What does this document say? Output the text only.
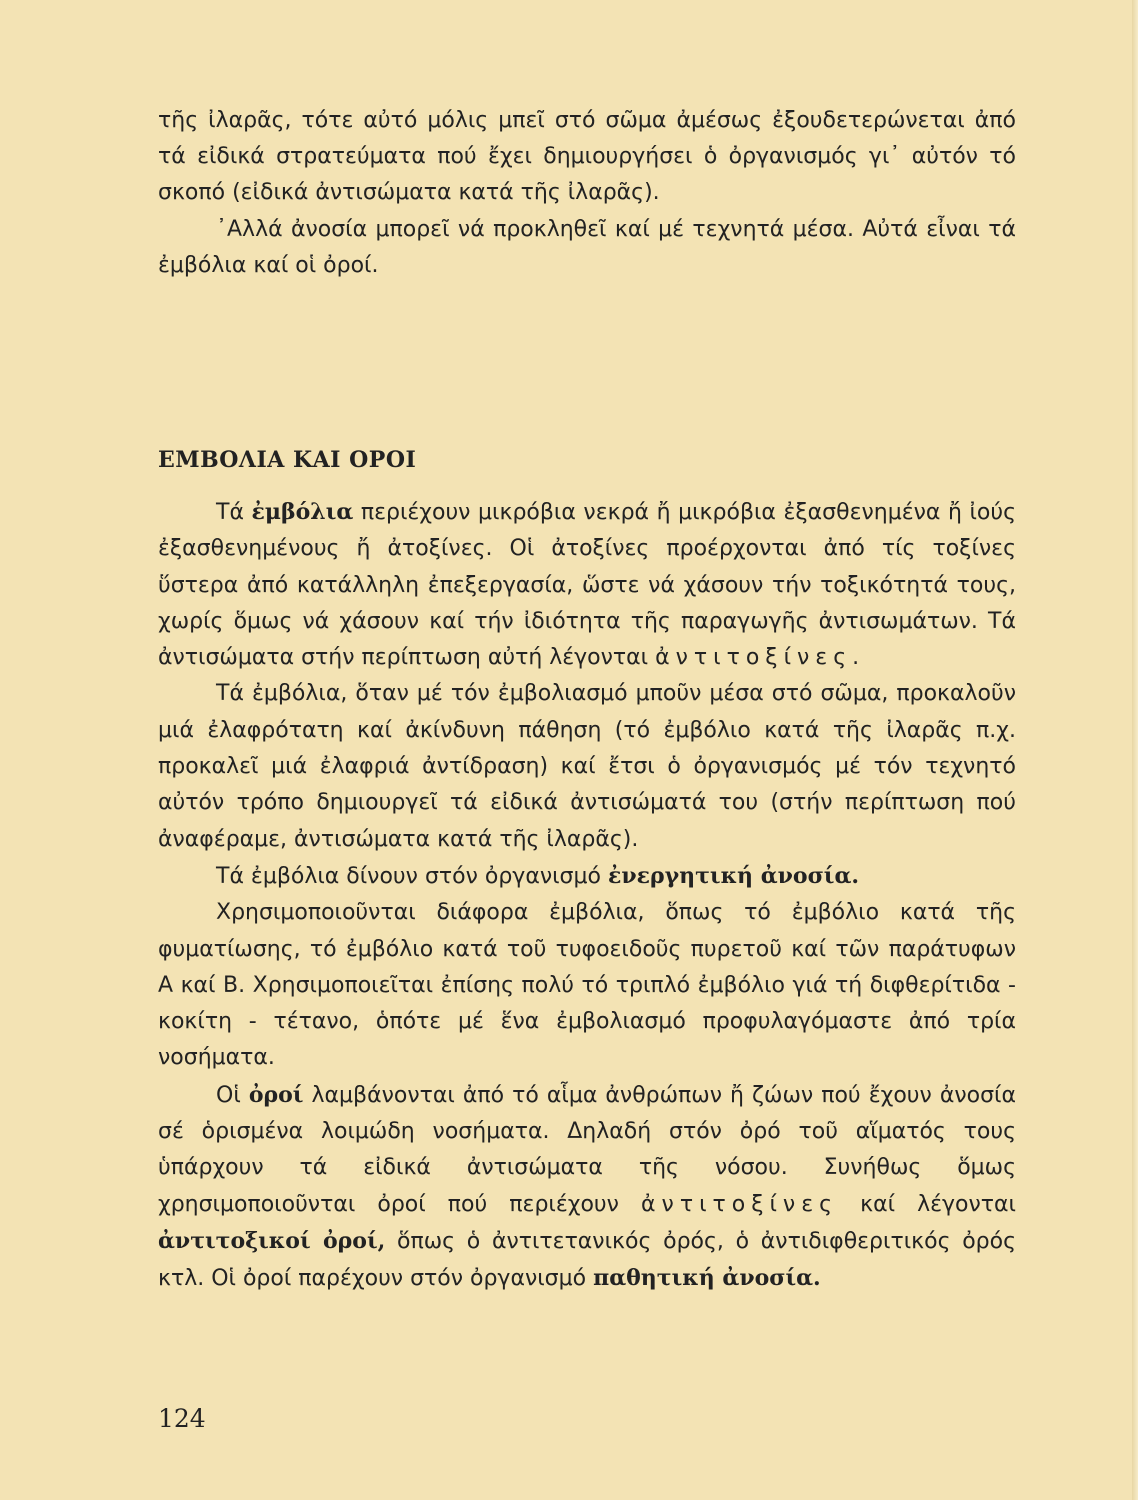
τῆς ἰλαρᾶς, τότε αὐτό μόλις μπεῖ στό σῶμα ἀμέσως ἐξουδετερώνεται ἀπό τά εἰδικά στρατεύματα πού ἔχει δημιουργήσει ὁ ὀργανισμός γι᾽ αὐτόν τό σκοπό (εἰδικά ἀντισώματα κατά τῆς ἰλαρᾶς).

᾽Αλλά ἀνοσία μπορεῖ νά προκληθεῖ καί μέ τεχνητά μέσα. Αὐτά εἶναι τά ἐμβόλια καί οἱ ὀροί.

ΕΜΒΟΛΙΑ ΚΑΙ ΟΡΟΙ

Τά ἐμβόλια περιέχουν μικρόβια νεκρά ἤ μικρόβια ἐξασθενημένα ἤ ἰούς ἐξασθενημένους ἤ ἀτοξίνες. Οἱ ἀτοξίνες προέρχονται ἀπό τίς τοξίνες ὕστερα ἀπό κατάλληλη ἐπεξεργασία, ὥστε νά χάσουν τήν τοξικότητά τους, χωρίς ὅμως νά χάσουν καί τήν ἰδιότητα τῆς παραγωγῆς ἀντισωμάτων. Τά ἀντισώματα στήν περίπτωση αὐτή λέγονται ἀντιτοξίνες.

Τά ἐμβόλια, ὅταν μέ τόν ἐμβολιασμό μποῦν μέσα στό σῶμα, προκαλοῦν μιά ἐλαφρότατη καί ἀκίνδυνη πάθηση (τό ἐμβόλιο κατά τῆς ἰλαρᾶς π.χ. προκαλεῖ μιά ἐλαφριά ἀντίδραση) καί ἔτσι ὁ ὀργανισμός μέ τόν τεχνητό αὐτόν τρόπο δημιουργεῖ τά εἰδικά ἀντισώματά του (στήν περίπτωση πού ἀναφέραμε, ἀντισώματα κατά τῆς ἰλαρᾶς).

Τά ἐμβόλια δίνουν στόν ὀργανισμό ἐνεργητική ἀνοσία.

Χρησιμοποιοῦνται διάφορα ἐμβόλια, ὅπως τό ἐμβόλιο κατά τῆς φυματίωσης, τό ἐμβόλιο κατά τοῦ τυφοειδοῦς πυρετοῦ καί τῶν παράτυφων Α καί Β. Χρησιμοποιεῖται ἐπίσης πολύ τό τριπλό ἐμβόλιο γιά τή διφθερίτιδα - κοκίτη - τέτανο, ὁπότε μέ ἕνα ἐμβολιασμό προφυλαγόμαστε ἀπό τρία νοσήματα.

Οἱ ὀροί λαμβάνονται ἀπό τό αἷμα ἀνθρώπων ἤ ζώων πού ἔχουν ἀνοσία σέ ὁρισμένα λοιμώδη νοσήματα. Δηλαδή στόν ὀρό τοῦ αἵματός τους ὑπάρχουν τά εἰδικά ἀντισώματα τῆς νόσου. Συνήθως ὅμως χρησιμοποιοῦνται ὀροί πού περιέχουν ἀντιτοξίνες καί λέγονται ἀντιτοξικοί ὀροί, ὅπως ὁ ἀντιτετανικός ὀρός, ὁ ἀντιδιφθεριτικός ὀρός κτλ. Οἱ ὀροί παρέχουν στόν ὀργανισμό παθητική ἀνοσία.

124
